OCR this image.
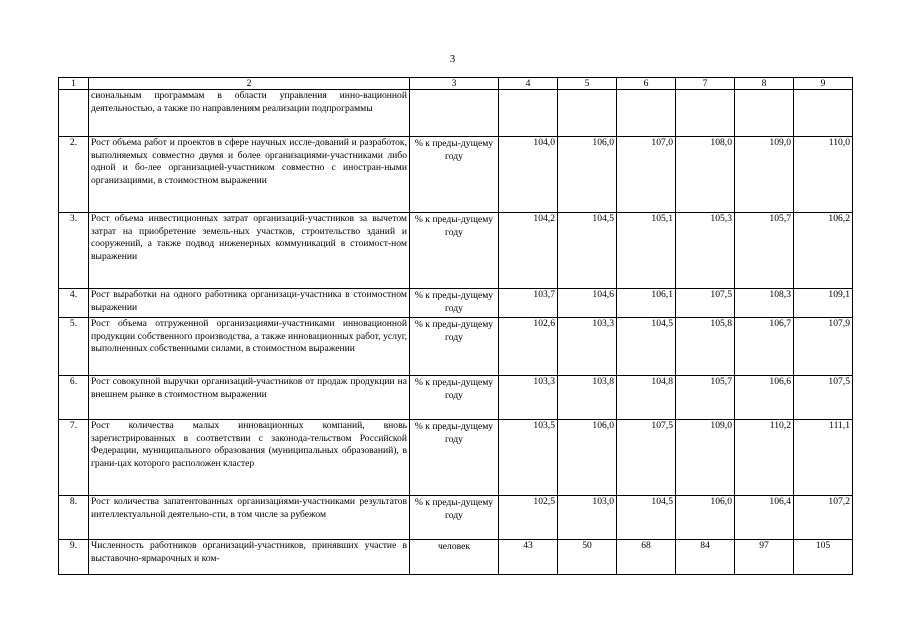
3
1	2	3	4	5	6	7	8	9
	сиональным программам в области управления инно-вационной деятельностью, а также по направлениям реализации подпрограммы							
2.	Рост объема работ и проектов в сфере научных иссле-дований и разработок, выполняемых совместно двумя и более организациями-участниками либо одной и бо-лее организацией-участником совместно с иностран-ными организациями, в стоимостном выражении	% к преды-дущему году	104,0	106,0	107,0	108,0	109,0	110,0
3.	Рост объема инвестиционных затрат организаций-участников за вычетом затрат на приобретение земель-ных участков, строительство зданий и сооружений, а также подвод инженерных коммуникаций в стоимост-ном выражении	% к преды-дущему году	104,2	104,5	105,1	105,3	105,7	106,2
4.	Рост выработки на одного работника организаци-участника в стоимостном выражении	% к преды-дущему году	103,7	104,6	106,1	107,5	108,3	109,1
5.	Рост объема отгруженной организациями-участниками инновационной продукции собственного производства, а также инновационных работ, услуг, выполненных собственными силами, в стоимостном выражении	% к преды-дущему году	102,6	103,3	104,5	105,8	106,7	107,9
6.	Рост совокупной выручки организаций-участников от продаж продукции на внешнем рынке в стоимостном выражении	% к преды-дущему году	103,3	103,8	104,8	105,7	106,6	107,5
7.	Рост количества малых инновационных компаний, вновь зарегистрированных в соответствии с законода-тельством Российской Федерации, муниципального образования (муниципальных образований), в грани-цах которого расположен кластер	% к преды-дущему году	103,5	106,0	107,5	109,0	110,2	111,1
8.	Рост количества запатентованных организациями-участниками результатов интеллектуальной деятельно-сти, в том числе за рубежом	% к преды-дущему году	102,5	103,0	104,5	106,0	106,4	107,2
9.	Численность работников организаций-участников, принявших участие в выставочно-ярмарочных и ком-	человек	43	50	68	84	97	105
